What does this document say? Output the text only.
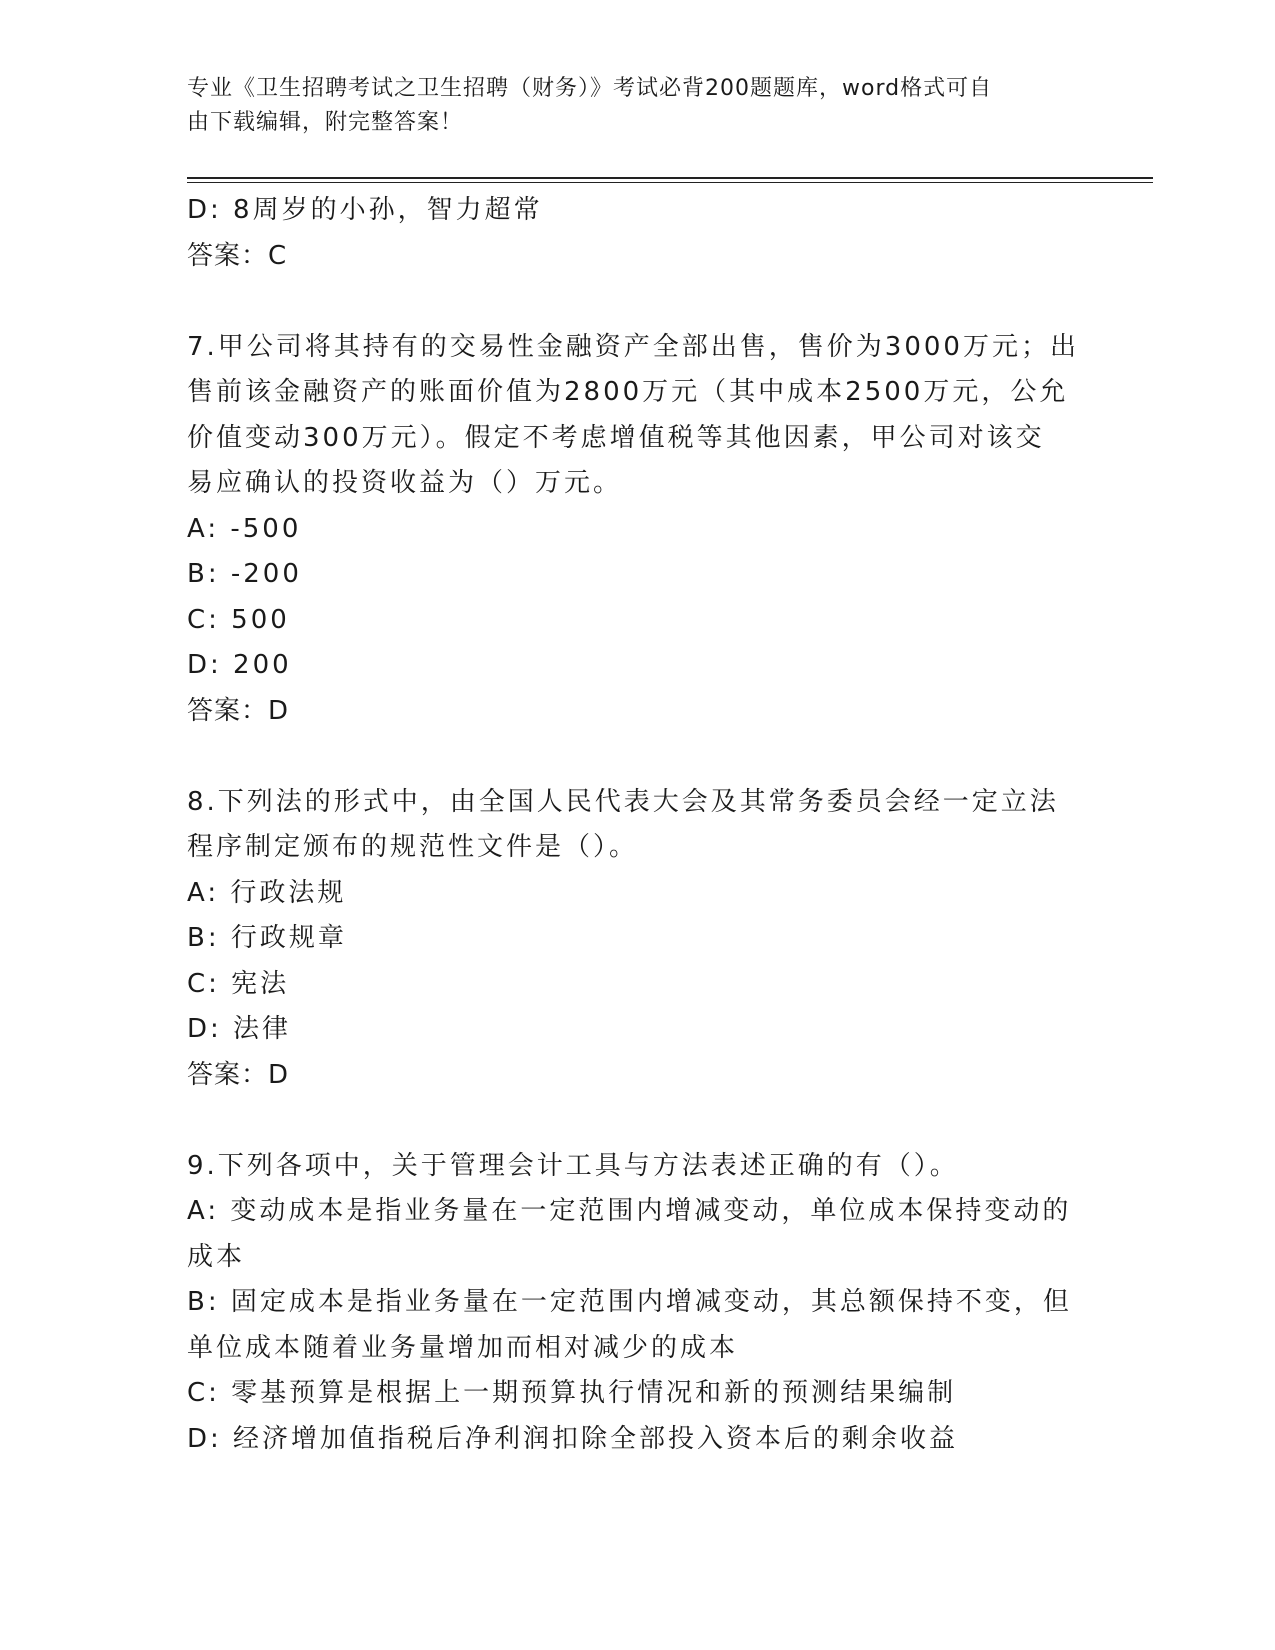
专业《卫生招聘考试之卫生招聘（财务）》考试必背200题题库，word格式可自
由下载编辑，附完整答案！
D: 8周岁的小孙，智力超常
答案：C
7.甲公司将其持有的交易性金融资产全部出售，售价为3000万元；出
售前该金融资产的账面价值为2800万元（其中成本2500万元，公允
价值变动300万元）。假定不考虑增值税等其他因素，甲公司对该交
易应确认的投资收益为（）万元。
A: -500
B: -200
C: 500
D: 200
答案：D
8.下列法的形式中，由全国人民代表大会及其常务委员会经一定立法
程序制定颁布的规范性文件是（）。
A: 行政法规
B: 行政规章
C: 宪法
D: 法律
答案：D
9.下列各项中，关于管理会计工具与方法表述正确的有（）。
A: 变动成本是指业务量在一定范围内增减变动，单位成本保持变动的
成本
B: 固定成本是指业务量在一定范围内增减变动，其总额保持不变，但
单位成本随着业务量增加而相对减少的成本
C: 零基预算是根据上一期预算执行情况和新的预测结果编制
D: 经济增加值指税后净利润扣除全部投入资本后的剩余收益
